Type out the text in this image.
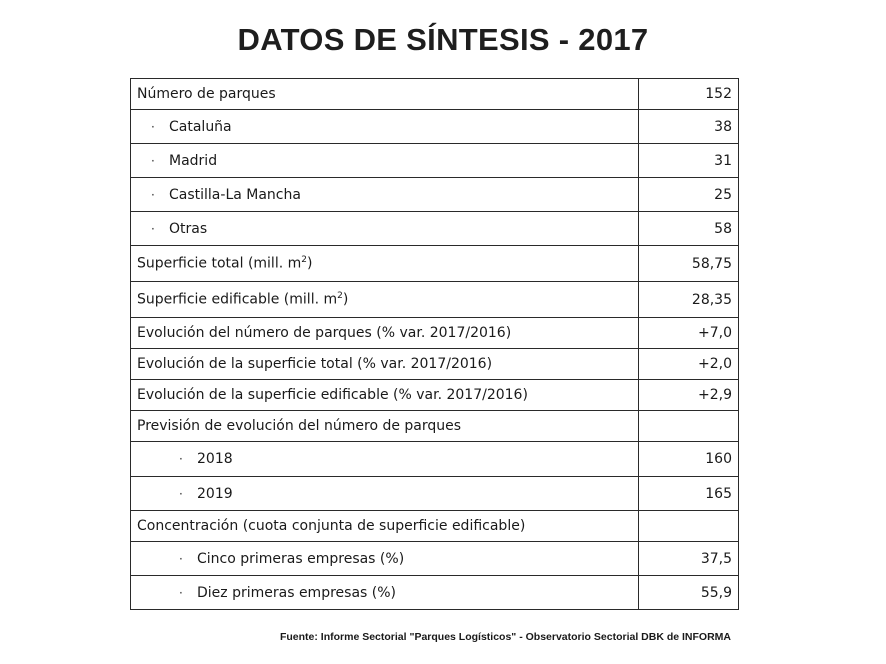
DATOS DE SÍNTESIS - 2017
Número de parques	152
· Cataluña	38
· Madrid	31
· Castilla-La Mancha	25
· Otras	58
Superficie total (mill. $m^2$)	58,75
Superficie edificable (mill. $m^2$)	28,35
Evolución del número de parques (% var. 2017/2016)	+7,0
Evolución de la superficie total (% var. 2017/2016)	+2,0
Evolución de la superficie edificable (% var. 2017/2016)	+2,9
Previsión de evolución del número de parques	
· 2018	160
· 2019	165
Concentración (cuota conjunta de superficie edificable)	
· Cinco primeras empresas (%)	37,5
· Diez primeras empresas (%)	55,9
Fuente: Informe Sectorial "Parques Logísticos" - Observatorio Sectorial DBK de INFORMA
